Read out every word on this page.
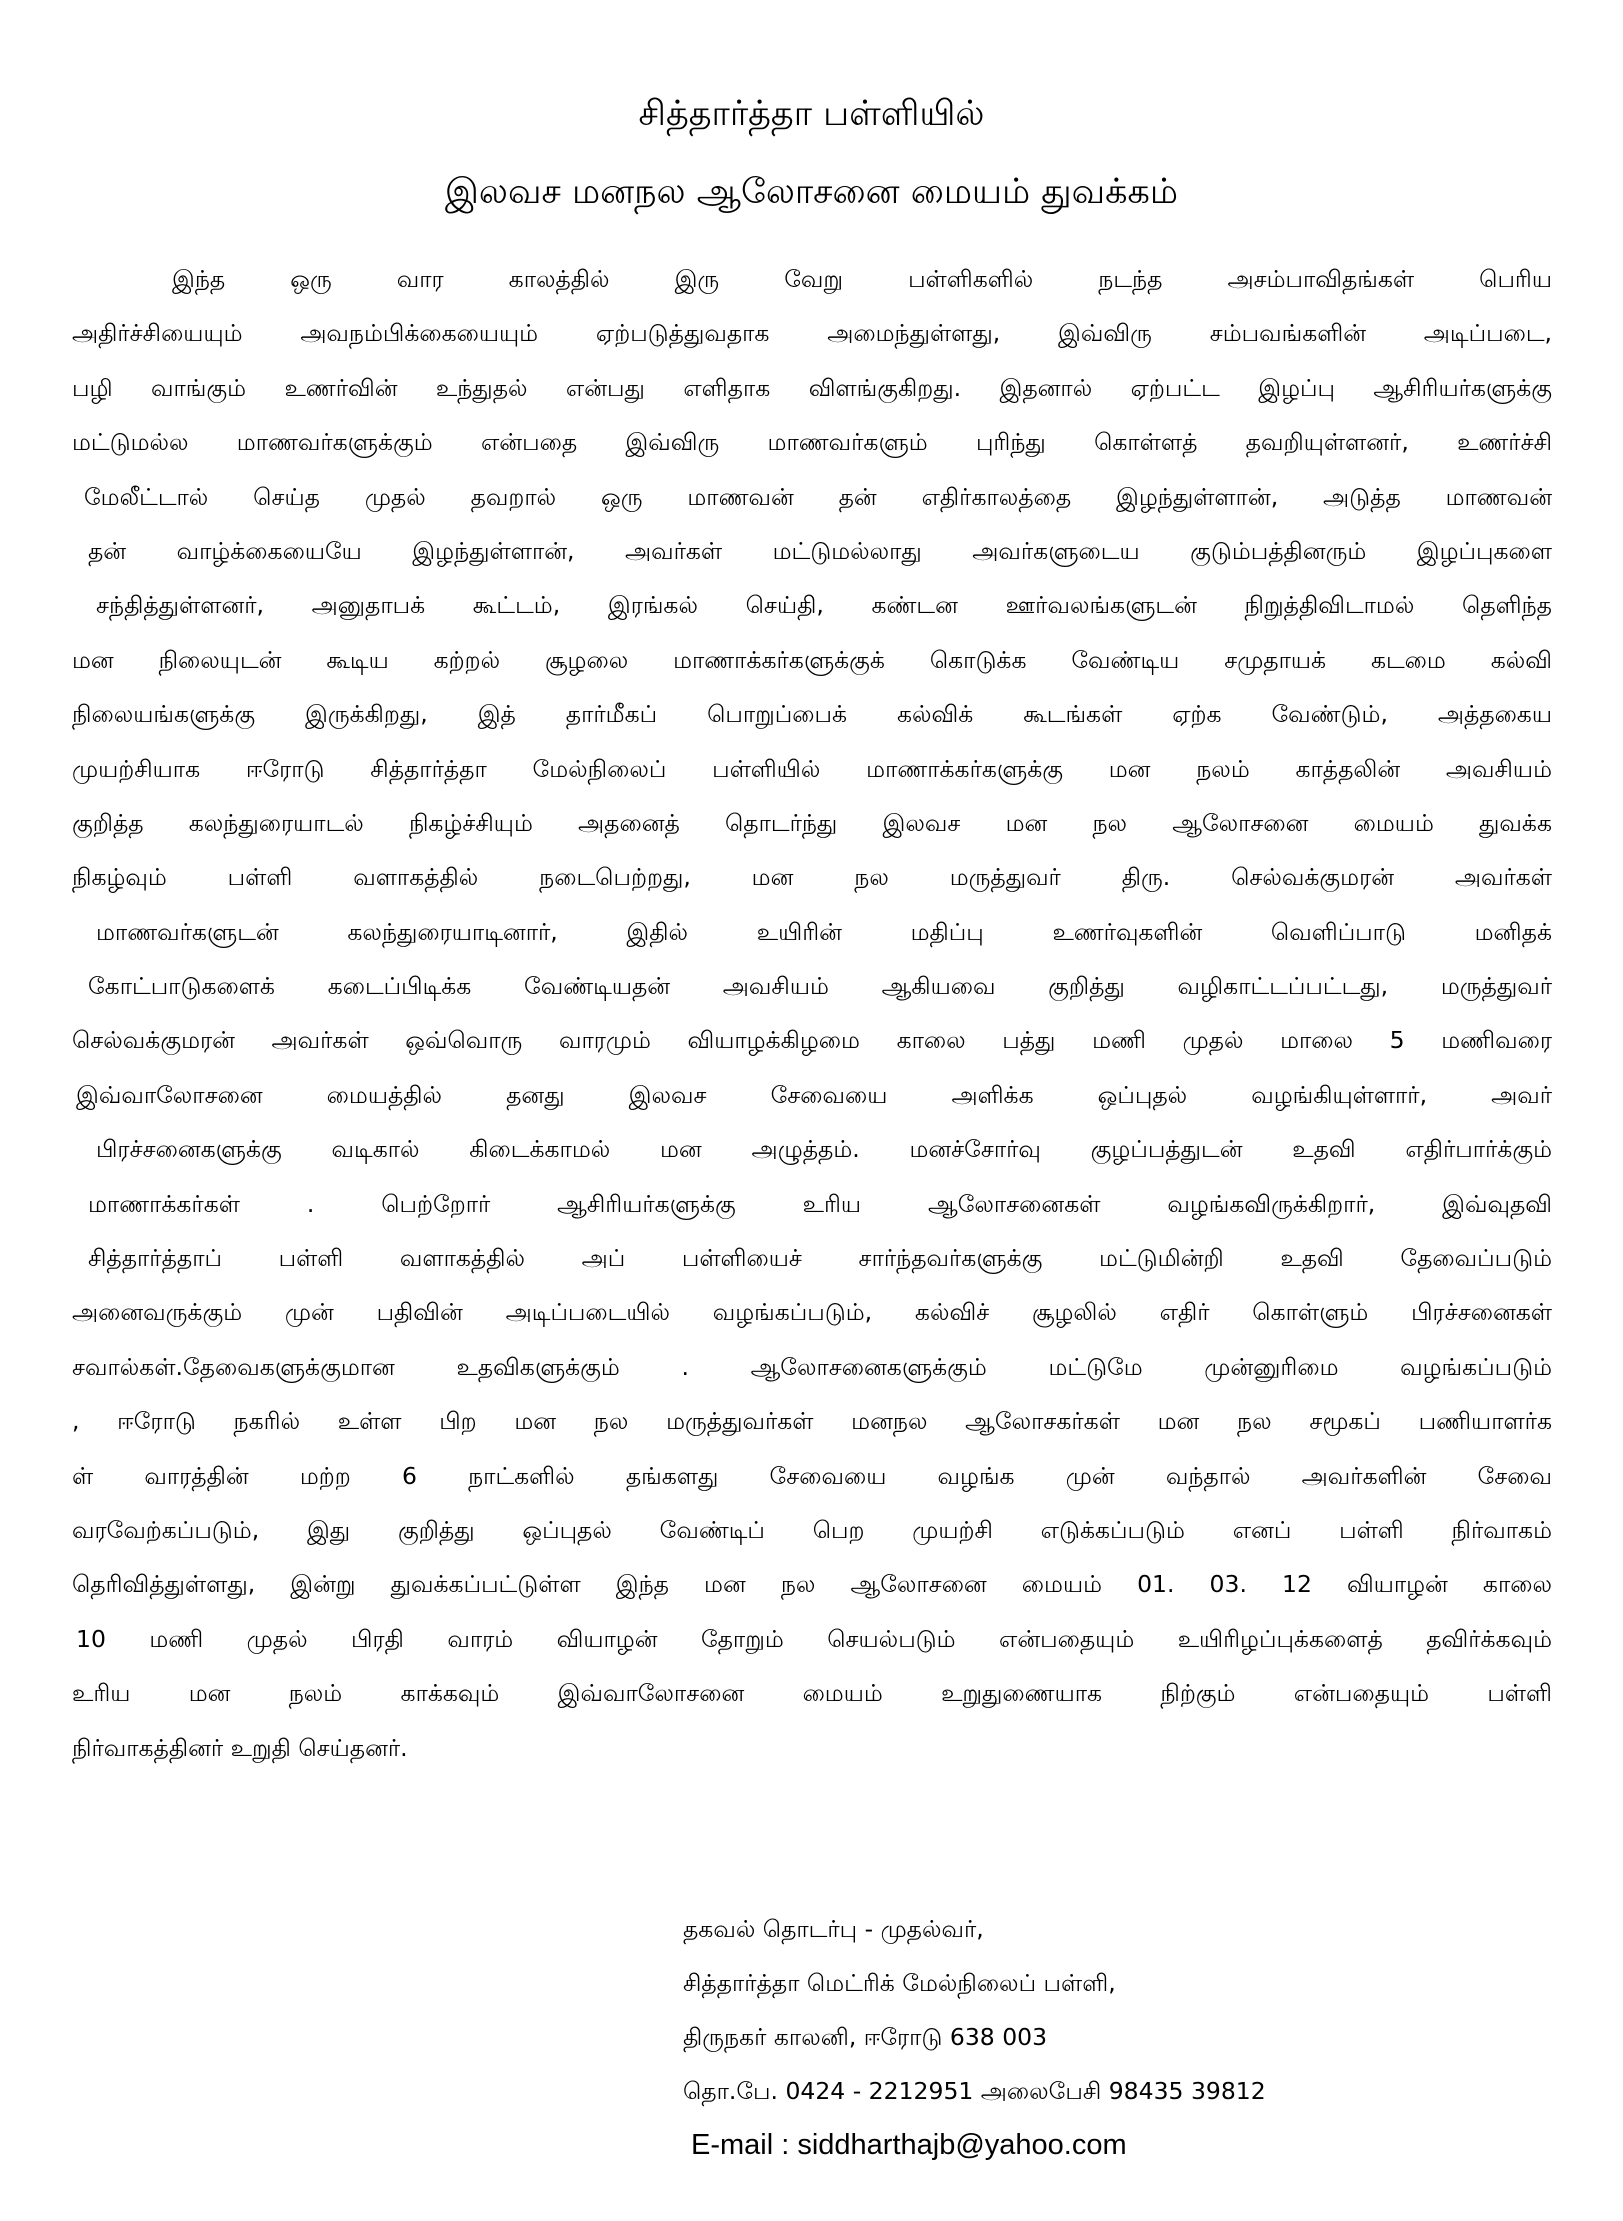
சித்தார்த்தா பள்ளியில்
இலவச மனநல ஆலோசனை மையம் துவக்கம்
இந்த ஒரு வார காலத்தில் இரு வேறு பள்ளிகளில் நடந்த அசம்பாவிதங்கள் பெரிய
அதிர்ச்சியையும் அவநம்பிக்கையையும் ஏற்படுத்துவதாக அமைந்துள்ளது, இவ்விரு சம்பவங்களின் அடிப்படை,
பழி வாங்கும் உணர்வின் உந்துதல் என்பது எளிதாக விளங்குகிறது. இதனால் ஏற்பட்ட இழப்பு ஆசிரியர்களுக்கு
மட்டுமல்ல மாணவர்களுக்கும் என்பதை இவ்விரு மாணவர்களும் புரிந்து கொள்ளத் தவறியுள்ளனர், உணர்ச்சி
மேலீட்டால் செய்த முதல் தவறால் ஒரு மாணவன் தன் எதிர்காலத்தை இழந்துள்ளான், அடுத்த மாணவன்
தன் வாழ்க்கையையே இழந்துள்ளான், அவர்கள் மட்டுமல்லாது அவர்களுடைய குடும்பத்தினரும் இழப்புகளை
சந்தித்துள்ளனர், அனுதாபக் கூட்டம், இரங்கல் செய்தி, கண்டன ஊர்வலங்களுடன் நிறுத்திவிடாமல் தெளிந்த
மன நிலையுடன் கூடிய கற்றல் சூழலை மாணாக்கர்களுக்குக் கொடுக்க வேண்டிய சமுதாயக் கடமை கல்வி
நிலையங்களுக்கு இருக்கிறது, இத் தார்மீகப் பொறுப்பைக் கல்விக் கூடங்கள் ஏற்க வேண்டும், அத்தகைய
முயற்சியாக ஈரோடு சித்தார்த்தா மேல்நிலைப் பள்ளியில் மாணாக்கர்களுக்கு மன நலம் காத்தலின் அவசியம்
குறித்த கலந்துரையாடல் நிகழ்ச்சியும் அதனைத் தொடர்ந்து இலவச மன நல ஆலோசனை மையம் துவக்க
நிகழ்வும் பள்ளி வளாகத்தில் நடைபெற்றது, மன நல மருத்துவர் திரு. செல்வக்குமரன் அவர்கள்
மாணவர்களுடன் கலந்துரையாடினார், இதில் உயிரின் மதிப்பு உணர்வுகளின் வெளிப்பாடு மனிதக்
கோட்பாடுகளைக் கடைப்பிடிக்க வேண்டியதன் அவசியம் ஆகியவை குறித்து வழிகாட்டப்பட்டது, மருத்துவர்
செல்வக்குமரன் அவர்கள் ஒவ்வொரு வாரமும் வியாழக்கிழமை காலை பத்து மணி முதல் மாலை 5 மணிவரை
இவ்வாலோசனை மையத்தில் தனது இலவச சேவையை அளிக்க ஒப்புதல் வழங்கியுள்ளார், அவர்
பிரச்சனைகளுக்கு வடிகால் கிடைக்காமல் மன அழுத்தம். மனச்சோர்வு குழப்பத்துடன் உதவி எதிர்பார்க்கும்
மாணாக்கர்கள் . பெற்றோர் ஆசிரியர்களுக்கு உரிய ஆலோசனைகள் வழங்கவிருக்கிறார், இவ்வுதவி
சித்தார்த்தாப் பள்ளி வளாகத்தில் அப் பள்ளியைச் சார்ந்தவர்களுக்கு மட்டுமின்றி உதவி தேவைப்படும்
அனைவருக்கும் முன் பதிவின் அடிப்படையில் வழங்கப்படும், கல்விச் சூழலில் எதிர் கொள்ளும் பிரச்சனைகள்
சவால்கள்.தேவைகளுக்குமான உதவிகளுக்கும் . ஆலோசனைகளுக்கும் மட்டுமே முன்னுரிமை வழங்கப்படும்
, ஈரோடு நகரில் உள்ள பிற மன நல மருத்துவர்கள் மனநல ஆலோசகர்கள் மன நல சமூகப் பணியாளர்க
ள் வாரத்தின் மற்ற 6 நாட்களில் தங்களது சேவையை வழங்க முன் வந்தால் அவர்களின் சேவை
வரவேற்கப்படும், இது குறித்து ஒப்புதல் வேண்டிப் பெற முயற்சி எடுக்கப்படும் எனப் பள்ளி நிர்வாகம்
தெரிவித்துள்ளது, இன்று துவக்கப்பட்டுள்ள இந்த மன நல ஆலோசனை மையம் 01. 03. 12 வியாழன் காலை
10 மணி முதல் பிரதி வாரம் வியாழன் தோறும் செயல்படும் என்பதையும் உயிரிழப்புக்களைத் தவிர்க்கவும்
உரிய மன நலம் காக்கவும் இவ்வாலோசனை மையம் உறுதுணையாக நிற்கும் என்பதையும் பள்ளி
நிர்வாகத்தினர் உறுதி செய்தனர்.
தகவல் தொடர்பு - முதல்வர்,
சித்தார்த்தா மெட்ரிக் மேல்நிலைப் பள்ளி,
திருநகர் காலனி, ஈரோடு 638 003
தொ.பே. 0424 - 2212951 அலைபேசி 98435 39812
E-mail : siddharthajb@yahoo.com
